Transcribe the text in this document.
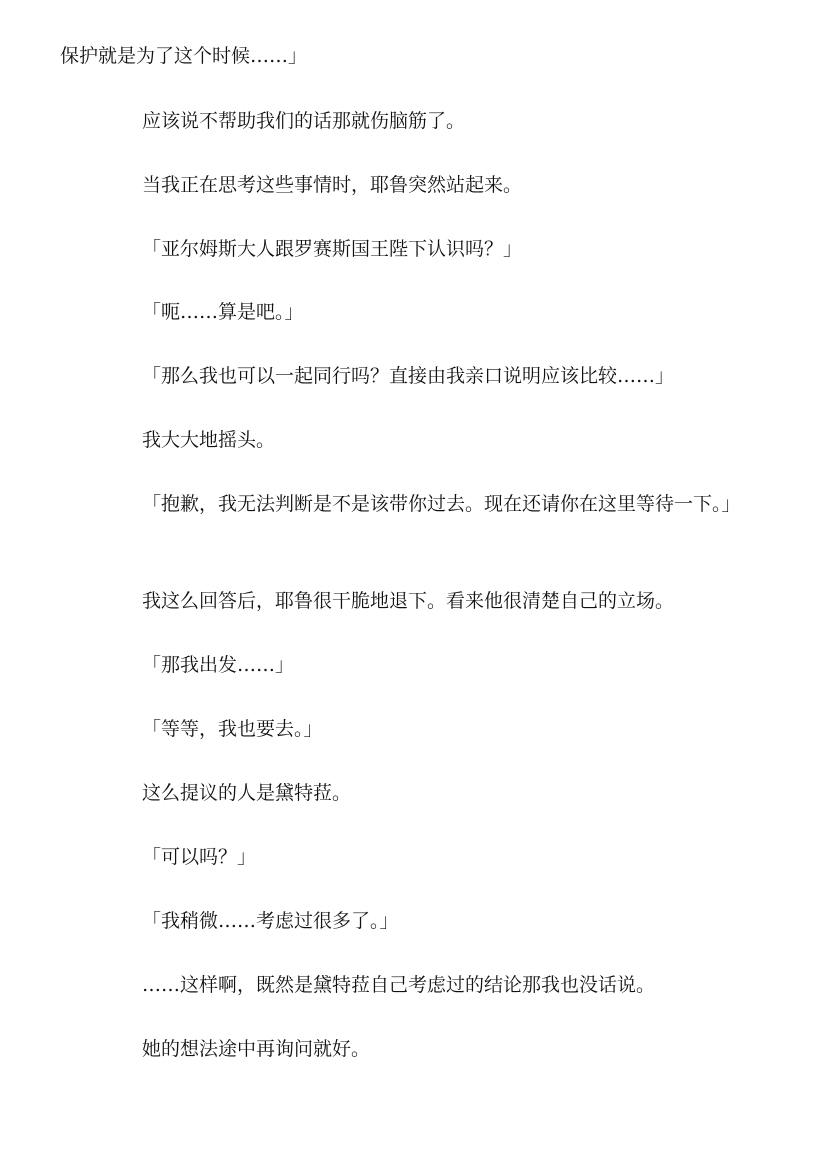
保护就是为了这个时候……」
应该说不帮助我们的话那就伤脑筋了。
当我正在思考这些事情时，耶鲁突然站起来。
「亚尔姆斯大人跟罗赛斯国王陛下认识吗？」
「呃……算是吧。」
「那么我也可以一起同行吗？直接由我亲口说明应该比较……」
我大大地摇头。
「抱歉，我无法判断是不是该带你过去。现在还请你在这里等待一下。」
我这么回答后，耶鲁很干脆地退下。看来他很清楚自己的立场。
「那我出发……」
「等等，我也要去。」
这么提议的人是黛特菈。
「可以吗？」
「我稍微……考虑过很多了。」
……这样啊，既然是黛特菈自己考虑过的结论那我也没话说。
她的想法途中再询问就好。
